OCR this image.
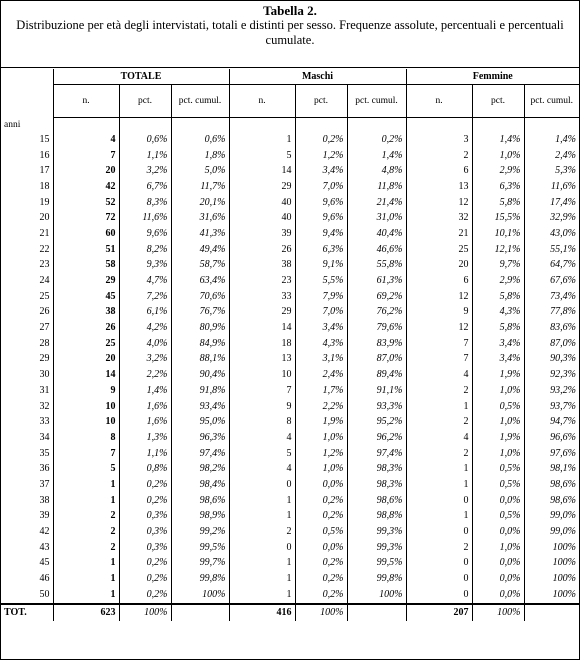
Tabella 2.
Distribuzione per età degli intervistati, totali e distinti per sesso. Frequenze assolute, percentuali e percentuali cumulate.
	TOTALE			Maschi			Femmine		
	n.	pct.	pct. cumul.	n.	pct.	pct. cumul.	n.	pct.	pct. cumul.
anni									
15	4	0,6%	0,6%	1	0,2%	0,2%	3	1,4%	1,4%
16	7	1,1%	1,8%	5	1,2%	1,4%	2	1,0%	2,4%
17	20	3,2%	5,0%	14	3,4%	4,8%	6	2,9%	5,3%
18	42	6,7%	11,7%	29	7,0%	11,8%	13	6,3%	11,6%
19	52	8,3%	20,1%	40	9,6%	21,4%	12	5,8%	17,4%
20	72	11,6%	31,6%	40	9,6%	31,0%	32	15,5%	32,9%
21	60	9,6%	41,3%	39	9,4%	40,4%	21	10,1%	43,0%
22	51	8,2%	49,4%	26	6,3%	46,6%	25	12,1%	55,1%
23	58	9,3%	58,7%	38	9,1%	55,8%	20	9,7%	64,7%
24	29	4,7%	63,4%	23	5,5%	61,3%	6	2,9%	67,6%
25	45	7,2%	70,6%	33	7,9%	69,2%	12	5,8%	73,4%
26	38	6,1%	76,7%	29	7,0%	76,2%	9	4,3%	77,8%
27	26	4,2%	80,9%	14	3,4%	79,6%	12	5,8%	83,6%
28	25	4,0%	84,9%	18	4,3%	83,9%	7	3,4%	87,0%
29	20	3,2%	88,1%	13	3,1%	87,0%	7	3,4%	90,3%
30	14	2,2%	90,4%	10	2,4%	89,4%	4	1,9%	92,3%
31	9	1,4%	91,8%	7	1,7%	91,1%	2	1,0%	93,2%
32	10	1,6%	93,4%	9	2,2%	93,3%	1	0,5%	93,7%
33	10	1,6%	95,0%	8	1,9%	95,2%	2	1,0%	94,7%
34	8	1,3%	96,3%	4	1,0%	96,2%	4	1,9%	96,6%
35	7	1,1%	97,4%	5	1,2%	97,4%	2	1,0%	97,6%
36	5	0,8%	98,2%	4	1,0%	98,3%	1	0,5%	98,1%
37	1	0,2%	98,4%	0	0,0%	98,3%	1	0,5%	98,6%
38	1	0,2%	98,6%	1	0,2%	98,6%	0	0,0%	98,6%
39	2	0,3%	98,9%	1	0,2%	98,8%	1	0,5%	99,0%
42	2	0,3%	99,2%	2	0,5%	99,3%	0	0,0%	99,0%
43	2	0,3%	99,5%	0	0,0%	99,3%	2	1,0%	100%
45	1	0,2%	99,7%	1	0,2%	99,5%	0	0,0%	100%
46	1	0,2%	99,8%	1	0,2%	99,8%	0	0,0%	100%
50	1	0,2%	100%	1	0,2%	100%	0	0,0%	100%
TOT.	623	100%		416	100%		207	100%	
